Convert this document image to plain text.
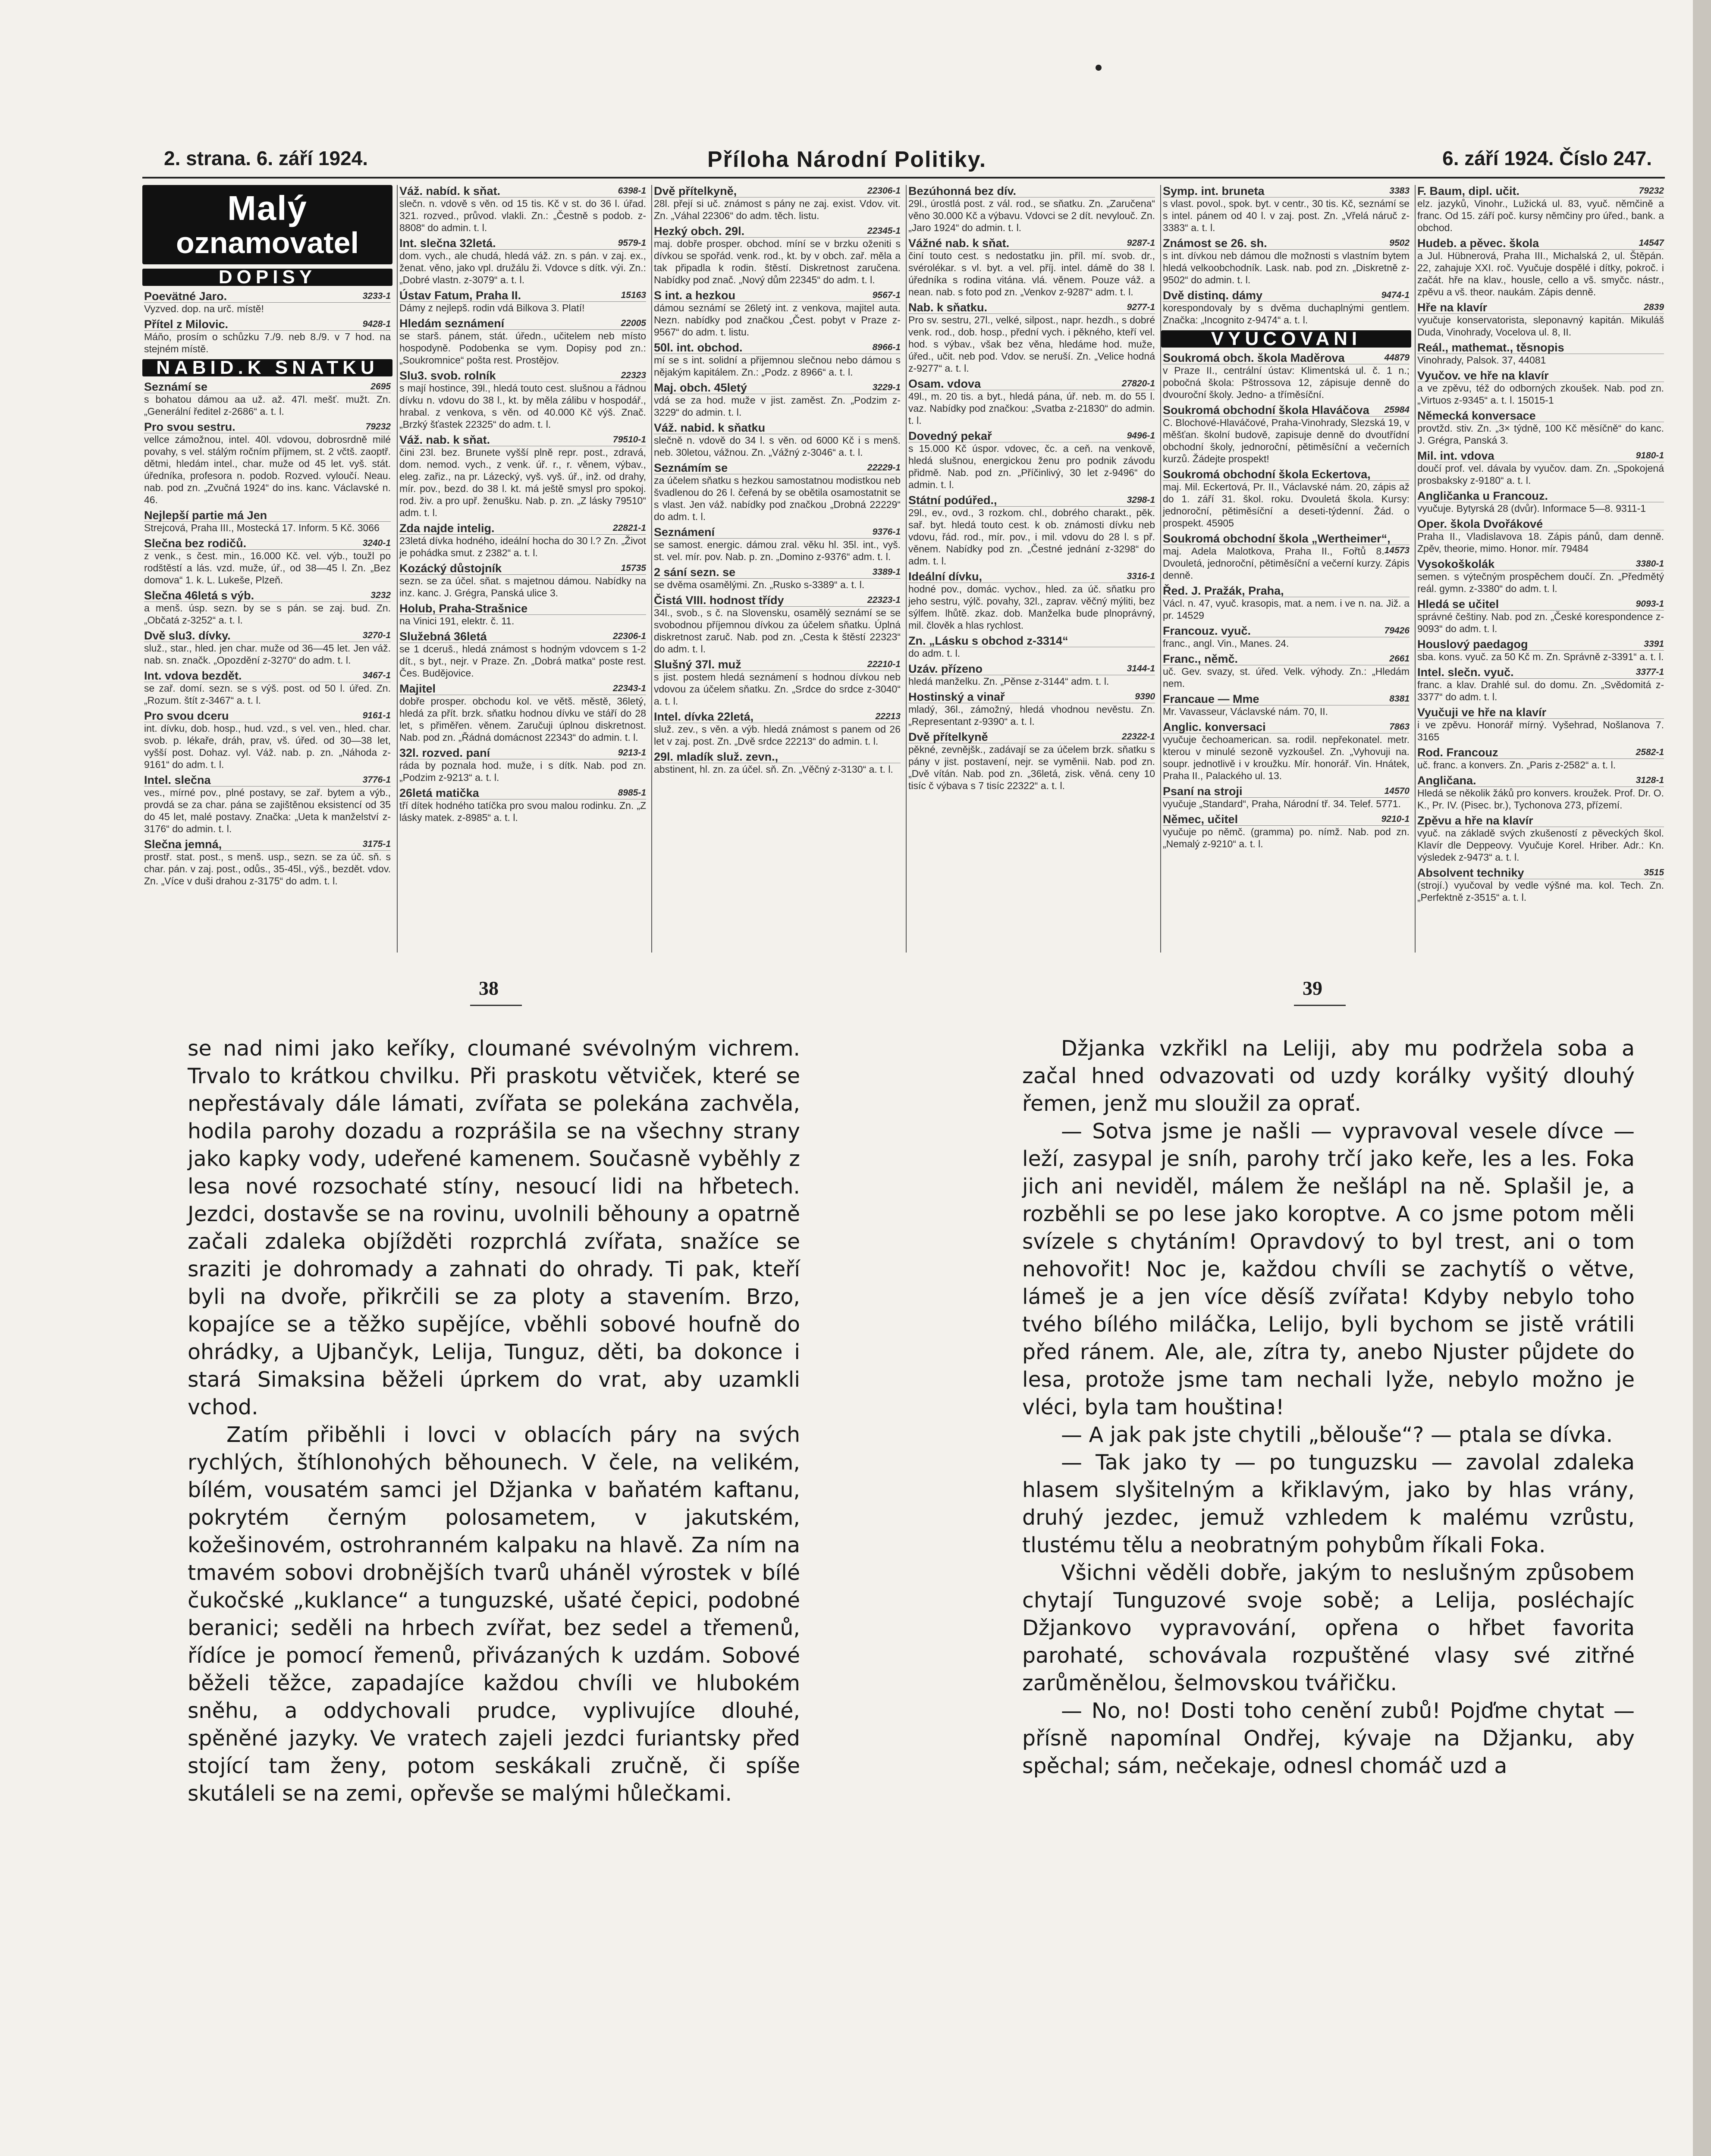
2. strana. 6. září 1924.	Příloha Národní Politiky.	6. září 1924. Číslo 247.
Malý
oznamovatel
DOPISY
Poevätné Jaro.	3233-1
Vyzved. dop. na urč. místě!
Přítel z Milovic.	9428-1
Máňo, prosím o schůzku 7./9. neb 8./9. v 7 hod. na stejném místě.
NABID.K SNATKU
Seznámí se	2695
s bohatou dámou aa už. až. 47l. mešť. mužt. Zn. „Generální ředitel z-2686“ a. t. l.
Pro svou sestru.	79232
vellce zámožnou, intel. 40l. vdovou, dobrosrdně milé povahy, s vel. stálým ročním příjmem, st. 2 včtš. zaoptř. dětmi, hledám intel., char. muže od 45 let. vyš. stát. úředníka, profesora n. podob. Rozved. vyloučí. Neau. nab. pod zn. „Zvučná 1924“ do ins. kanc. Václavské n. 46.
Nejlepší partie má Jen
Strejcová, Praha III., Mostecká 17. Inform. 5 Kč. 3066
Slečna bez rodičů.	3240-1
z venk., s čest. min., 16.000 Kč. vel. výb., toužl po rodštěstí a lás. vzd. muže, úř., od 38—45 l. Zn. „Bez domova“ 1. k. L. Lukeše, Plzeň.
Slečna 46letá s výb.	3232
a menš. úsp. sezn. by se s pán. se zaj. bud. Zn. „Občatá z-3252“ a. t. l.
Dvě slu3. dívky.	3270-1
služ., star., hled. jen char. muže od 36—45 let. Jen váž. nab. sn. značk. „Opozdění z-3270“ do adm. t. l.
Int. vdova bezdět.	3467-1
se zař. domí. sezn. se s výš. post. od 50 l. úřed. Zn. „Rozum. štít z-3467“ a. t. l.
Pro svou dceru	9161-1
int. dívku, dob. hosp., hud. vzd., s vel. ven., hled. char. svob. p. lékaře, dráh, prav, vš. úřed. od 30—38 let, vyšší post. Dohaz. vyl. Váž. nab. p. zn. „Náhoda z-9161“ do adm. t. l.
Intel. slečna	3776-1
ves., mírné pov., plné postavy, se zař. bytem a výb., provdá se za char. pána se zajištěnou eksistencí od 35 do 45 let, malé postavy. Značka: „Ueta k manželství z-3176“ do admin. t. l.
Slečna jemná,	3175-1
prostř. stat. post., s menš. usp., sezn. se za úč. sň. s char. pán. v zaj. post., odůs., 35-45l., výš., bezdět. vdov. Zn. „Více v duši drahou z-3175“ do adm. t. l.
Váž. nabíd. k sňat.	6398-1
slečn. n. vdově s věn. od 15 tis. Kč v st. do 36 l. úřad. 321. rozved., průvod. vlakli. Zn.: „Čestně s podob. z-8808“ do admin. t. l.
Int. slečna 32letá.	9579-1
dom. vych., ale chudá, hledá váž. zn. s pán. v zaj. ex., ženat. věno, jako vpl. družálu ži. Vdovce s dítk. výi. Zn.: „Dobré vlastn. z-3079“ a. t. l.
Ústav Fatum, Praha II.	15163
Dámy z nejlepš. rodin vdá Bilkova 3. Platí!
Hledám seznámení	22005
se starš. pánem, stát. úředn., učitelem neb místo hospodyně. Podobenka se vym. Dopisy pod zn.: „Soukromnice“ pošta rest. Prostějov.
Slu3. svob. rolník	22323
s mají hostince, 39l., hledá touto cest. slušnou a řádnou dívku n. vdovu do 38 l., kt. by měla zálibu v hospodář., hrabal. z venkova, s věn. od 40.000 Kč výš. Znač. „Brzký šťastek 22325“ do adm. t. l.
Váž. nab. k sňat.	79510-1
čini 23l. bez. Brunete vyšší plně repr. post., zdravá, dom. nemod. vych., z venk. úř. r., r. věnem, výbav., eleg. zařiz., na pr. Lázecký, vyš. vyš. úř., inž. od drahy, mír. pov., bezd. do 38 l. kt. má ještě smysl pro spokoj. rod. živ. a pro upř. ženušku. Nab. p. zn. „Z lásky 79510“ adm. t. l.
Zda najde intelig.	22821-1
23letá dívka hodného, ideální hocha do 30 l.? Zn. „Život je pohádka smut. z 2382“ a. t. l.
Kozácký důstojník	15735
sezn. se za účel. sňat. s majetnou dámou. Nabídky na inz. kanc. J. Grégra, Panská ulice 3.
Holub, Praha-Strašnice
na Vinici 191, elektr. č. 11.
Služebná 36letá	22306-1
se 1 dceruš., hledá známost s hodným vdovcem s 1-2 dít., s byt., nejr. v Praze. Zn. „Dobrá matka“ poste rest. Čes. Budějovice.
Majitel	22343-1
dobře prosper. obchodu kol. ve větš. městě, 36letý, hledá za přít. brzk. sňatku hodnou dívku ve stáří do 28 let, s přiměřen. věnem. Zaručuji úplnou diskretnost. Nab. pod zn. „Řádná domácnost 22343“ do admin. t. l.
32l. rozved. paní	9213-1
ráda by poznala hod. muže, i s dítk. Nab. pod zn. „Podzim z-9213“ a. t. l.
26letá matička	8985-1
tří dítek hodného tatíčka pro svou malou rodinku. Zn. „Z lásky matek. z-8985“ a. t. l.
Dvě přítelkyně,	22306-1
28l. přejí si uč. známost s pány ne zaj. exist. Vdov. vit. Zn. „Váhal 22306“ do adm. těch. listu.
Hezký obch. 29l.	22345-1
maj. dobře prosper. obchod. míní se v brzku oženiti s dívkou se spořád. venk. rod., kt. by v obch. zař. měla a tak připadla k rodin. štěstí. Diskretnost zaručena. Nabídky pod znač. „Nový dům 22345“ do adm. t. l.
S int. a hezkou	9567-1
dámou seznámí se 26letý int. z venkova, majitel auta. Nezn. nabídky pod značkou „Čest. pobyt v Praze z-9567“ do adm. t. listu.
50l. int. obchod.	8966-1
mí se s int. solidní a přijemnou slečnou nebo dámou s nějakým kapitálem. Zn.: „Podz. z 8966“ a. t. l.
Maj. obch. 45letý	3229-1
vdá se za hod. muže v jist. zaměst. Zn. „Podzim z-3229“ do admin. t. l.
Váž. nabid. k sňatku
slečně n. vdově do 34 l. s věn. od 6000 Kč i s menš. neb. 30letou, vážnou. Zn. „Vážný z-3046“ a. t. l.
Seznámím se	22229-1
za účelem sňatku s hezkou samostatnou modistkou neb švadlenou do 26 l. čeřená by se obětila osamostatnit se s vlast. Jen váž. nabídky pod značkou „Drobná 22229“ do adm. t. l.
Seznámení	9376-1
se samost. energic. dámou zral. věku hl. 35l. int., vyš. st. vel. mír. pov. Nab. p. zn. „Domino z-9376“ adm. t. l.
2 sání sezn. se	3389-1
se dvěma osamělými. Zn. „Rusko s-3389“ a. t. l.
Čistá VIII. hodnost třídy	22323-1
34l., svob., s č. na Slovensku, osamělý seznámí se se svobodnou příjemnou dívkou za účelem sňatku. Úplná diskretnost zaruč. Nab. pod zn. „Cesta k štěstí 22323“ do adm. t. l.
Slušný 37l. muž	22210-1
s jist. postem hledá seznámení s hodnou dívkou neb vdovou za účelem sňatku. Zn. „Srdce do srdce z-3040“ a. t. l.
Intel. dívka 22letá,	22213
služ. zev., s věn. a výb. hledá známost s panem od 26 let v zaj. post. Zn. „Dvě srdce 22213“ do admin. t. l.
29l. mladík služ. zevn.,
abstinent, hl. zn. za účel. sň. Zn. „Věčný z-3130“ a. t. l.
Bezúhonná bez dív.
29l., úrostlá post. z vál. rod., se sňatku. Zn. „Zaručena“ věno 30.000 Kč a výbavu. Vdovci se 2 dít. nevylouč. Zn. „Jaro 1924“ do admin. t. l.
Vážné nab. k sňat.	9287-1
činí touto cest. s nedostatku jin. příl. mí. svob. dr., svérolékar. s vl. byt. a vel. příj. intel. dámě do 38 l. úředníka s rodina vitána. vlá. věnem. Pouze váž. a nean. nab. s foto pod zn. „Venkov z-9287“ adm. t. l.
Nab. k sňatku.	9277-1
Pro sv. sestru, 27l., velké, silpost., napr. hezdh., s dobré venk. rod., dob. hosp., přední vych. i pěkného, kteří vel. hod. s výbav., však bez věna, hledáme hod. muže, úřed., učit. neb pod. Vdov. se neruší. Zn. „Velice hodná z-9277“ a. t. l.
Osam. vdova	27820-1
49l., m. 20 tis. a byt., hledá pána, úř. neb. m. do 55 l. vaz. Nabídky pod značkou: „Svatba z-21830“ do admin. t. l.
Dovedný pekař	9496-1
s 15.000 Kč úspor. vdovec, čc. a ceň. na venkově, hledá slušnou, energickou ženu pro podnik závodu přidmě. Nab. pod zn. „Příčinlivý, 30 let z-9496“ do admin. t. l.
Státní podúřed.,	3298-1
29l., ev., ovd., 3 rozkom. chl., dobrého charakt., pěk. sař. byt. hledá touto cest. k ob. známosti dívku neb vdovu, řád. rod., mír. pov., i mil. vdovu do 28 l. s př. věnem. Nabídky pod zn. „Čestné jednání z-3298“ do adm. t. l.
Ideální dívku,	3316-1
hodné pov., domác. vychov., hled. za úč. sňatku pro jeho sestru, výlč. povahy, 32l., zaprav. věčný mýliti, bez sýlfem. lhůtě. zkaz. dob. Manželka bude plnoprávný, mil. člověk a hlas rychlost.
Zn. „Lásku s obchod z-3314“
do adm. t. l.
Uzáv. přízeno	3144-1
hledá manželku. Zn. „Pěnse z-3144“ adm. t. l.
Hostinský a vinař	9390
mladý, 36l., zámožný, hledá vhodnou nevěstu. Zn. „Representant z-9390“ a. t. l.
Dvě přítelkyně	22322-1
pěkné, zevnějšk., zadávají se za účelem brzk. sňatku s pány v jist. postavení, nejr. se vyměnii. Nab. pod zn. „Dvě vítán. Nab. pod zn. „36letá, zisk. věná. ceny 10 tisíc č výbava s 7 tisíc 22322“ a. t. l.
Symp. int. bruneta	3383
s vlast. povol., spok. byt. v centr., 30 tis. Kč, seznámí se s intel. pánem od 40 l. v zaj. post. Zn. „Vřelá náruč z-3383“ a. t. l.
Známost se 26. sh.	9502
s int. dívkou neb dámou dle možnosti s vlastním bytem hledá velkoobchodník. Lask. nab. pod zn. „Diskretně z-9502“ do admin. t. l.
Dvě distinq. dámy	9474-1
korespondovaly by s dvěma duchaplnými gentlem. Značka: „Incognito z-9474“ a. t. l.
VYUCOVANI
Soukromá obch. škola Maděrova	44879
v Praze II., centrální ústav: Klimentská ul. č. 1 n.; pobočná škola: Pštrossova 12, zápisuje denně do dvouroční školy. Jedno- a tříměsíční.
Soukromá obchodní škola Hlaváčova 25984
C. Blochové-Hlaváčové, Praha-Vinohrady, Slezská 19, v měšťan. školní budově, zapisuje denně do dvoutřídní obchodní školy, jednoroční, pětiměsíční a večerních kurzů. Žádejte prospekt!
Soukromá obchodní škola Eckertova,
maj. Mil. Eckertová, Pr. II., Václavské nám. 20, zápis až do 1. září 31. škol. roku. Dvouletá škola. Kursy: jednoroční, pětiměsíční a deseti-týdenní. Žád. o prospekt. 45905
Soukromá obchodní škola „Wertheimer“,
14573
maj. Adela Malotkova, Praha II., Fořtů 8. Dvouletá, jednoroční, pětiměsíční a večerní kurzy. Zápis denně.
Řed. J. Pražák, Praha,
Václ. n. 47, vyuč. krasopis, mat. a nem. i ve n. na. Již. a pr. 14529
Francouz. vyuč.	79426
franc., angl. Vin., Manes. 24.
Franc., němč.	2661
uč. Gev. svazy, st. úřed. Velk. výhody. Zn.: „Hledám nem.
Francaue — Mme	8381
Mr. Vavasseur, Václavské nám. 70, II.
Anglic. konversaci	7863
vyučuje čechoamerican. sa. rodil. nepřekonatel. metr. kterou v minulé sezoně vyzkoušel. Zn. „Vyhovuji na. soupr. jednotlivě i v kroužku. Mír. honorář. Vin. Hnátek, Praha II., Palackého ul. 13.
Psaní na stroji	14570
vyučuje „Standard“, Praha, Národní tř. 34. Telef. 5771.
Němec, učitel	9210-1
vyučuje po němč. (gramma) po. nímž. Nab. pod zn. „Nemalý z-9210“ a. t. l.
F. Baum, dipl. učit.	79232
elz. jazyků, Vinohr., Lužická ul. 83, vyuč. němčině a franc. Od 15. září poč. kursy němčiny pro úřed., bank. a obchod.
Hudeb. a pěvec. škola	14547
a Jul. Hübnerová, Praha III., Michalská 2, ul. Štěpán. 22, zahajuje XXI. roč. Vyučuje dospělé i dítky, pokroč. i začát. hře na klav., housle, cello a vš. smyčc. nástr., zpěvu a vš. theor. naukám. Zápis denně.
Hře na klavír	2839
vyučuje konservatorista, sleponavný kapitán. Mikuláš Duda, Vinohrady, Vocelova ul. 8, II.
Reál., mathemat., těsnopis
Vinohrady, Palsok. 37, 44081
Vyučov. ve hře na klavír
a ve zpěvu, též do odborných zkoušek. Nab. pod zn. „Virtuos z-9345“ a. t. l. 15015-1
Německá konversace
provtžd. stiv. Zn. „3× týdně, 100 Kč měsíčně“ do kanc. J. Grégra, Panská 3.
Mil. int. vdova	9180-1
doučí prof. vel. dávala by vyučov. dam. Zn. „Spokojená prosbaksky z-9180“ a. t. l.
Angličanka u Francouz.
vyučuje. Bytyrská 28 (dvůr). Informace 5—8. 9311-1
Oper. škola Dvořákové
Praha II., Vladislavova 18. Zápis pánů, dam denně. Zpěv, theorie, mimo. Honor. mír. 79484
Vysokoškolák	3380-1
semen. s výtečným prospěchem doučí. Zn. „Předmětý reál. gymn. z-3380“ do adm. t. l.
Hledá se učitel	9093-1
správné češtiny. Nab. pod zn. „České korespondence z-9093“ do adm. t. l.
Houslový paedagog	3391
sba. kons. vyuč. za 50 Kč m. Zn. Správně z-3391“ a. t. l.
Intel. slečn. vyuč.	3377-1
franc. a klav. Drahlé sul. do domu. Zn. „Svědomitá z-3377“ do adm. t. l.
Vyučuji ve hře na klavír
i ve zpěvu. Honorář mírný. Vyšehrad, Nošlanova 7. 3165
Rod. Francouz	2582-1
uč. franc. a konvers. Zn. „Paris z-2582“ a. t. l.
Angličana.	3128-1
Hledá se několik žáků pro konvers. kroužek. Prof. Dr. O. K., Pr. IV. (Pisec. br.), Tychonova 273, přízemí.
Zpěvu a hře na klavír
vyuč. na základě svých zkušeností z pěveckých škol. Klavír dle Deppeovy. Vyučuje Korel. Hriber. Adr.: Kn. výsledek z-9473“ a. t. l.
Absolvent techniky	3515
(strojí.) vyučoval by vedle výšné ma. kol. Tech. Zn. „Perfektně z-3515“ a. t. l.
38	39

se nad nimi jako keříky, cloumané svévolným vichrem. Trvalo to krátkou chvilku. Při praskotu větviček, které se nepřestávaly dále lámati, zvířata se polekána zachvěla, hodila parohy dozadu a rozprášila se na všechny strany jako kapky vody, udeřené kamenem. Současně vyběhly z lesa nové rozsochaté stíny, nesoucí lidi na hřbetech. Jezdci, dostavše se na rovinu, uvolnili běhouny a opatrně začali zdaleka objížděti rozprchlá zvířata, snažíce se sraziti je dohromady a zahnati do ohrady. Ti pak, kteří byli na dvoře, přikrčili se za ploty a stavením. Brzo, kopajíce se a těžko supějíce, vběhli sobové houfně do ohrádky, a Ujbančyk, Lelija, Tunguz, děti, ba dokonce i stará Simaksina běželi úprkem do vrat, aby uzamkli vchod.

Zatím přiběhli i lovci v oblacích páry na svých rychlých, štíhlonohých běhounech. V čele, na velikém, bílém, vousatém samci jel Džjanka v baňatém kaftanu, pokrytém černým polosametem, v jakutském, kožešinovém, ostrohranném kalpaku na hlavě. Za ním na tmavém sobovi drobnějších tvarů uháněl výrostek v bílé čukočské „kuklance“ a tunguzské, ušaté čepici, podobné beranici; seděli na hrbech zvířat, bez sedel a třemenů, řídíce je pomocí řemenů, přivázaných k uzdám. Sobové běželi těžce, zapadajíce každou chvíli ve hlubokém sněhu, a oddychovali prudce, vyplivujíce dlouhé, spěněné jazyky. Ve vratech zajeli jezdci furiantsky před stojící tam ženy, potom seskákali zručně, či spíše skutáleli se na zemi, opřevše se malými hůlečkami.

Džjanka vzkřikl na Leliji, aby mu podržela soba a začal hned odvazovati od uzdy korálky vyšitý dlouhý řemen, jenž mu sloužil za oprať.

— Sotva jsme je našli — vypravoval vesele dívce — leží, zasypal je sníh, parohy trčí jako keře, les a les. Foka jich ani neviděl, málem že nešlápl na ně. Splašil je, a rozběhli se po lese jako koroptve. A co jsme potom měli svízele s chytáním! Opravdový to byl trest, ani o tom nehovořit! Noc je, každou chvíli se zachytíš o větve, lámeš je a jen více děsíš zvířata! Kdyby nebylo toho tvého bílého miláčka, Lelijo, byli bychom se jistě vrátili před ránem. Ale, ale, zítra ty, anebo Njuster půjdete do lesa, protože jsme tam nechali lyže, nebylo možno je vléci, byla tam houština!

— A jak pak jste chytili „bělouše“? — ptala se dívka.

— Tak jako ty — po tunguzsku — zavolal zdaleka hlasem slyšitelným a křiklavým, jako by hlas vrány, druhý jezdec, jemuž vzhledem k malému vzrůstu, tlustému tělu a neobratným pohybům říkali Foka.

Všichni věděli dobře, jakým to neslušným způsobem chytají Tunguzové svoje sobě; a Lelija, posléchajíc Džjankovo vypravování, opřena o hřbet favorita parohaté, schovávala rozpuštěné vlasy své zitřné zarůměnělou, šelmovskou tvářičku.

— No, no! Dosti toho cenění zubů! Pojďme chytat — přísně napomínal Ondřej, kývaje na Džjanku, aby spěchal; sám, nečekaje, odnesl chomáč uzd a
